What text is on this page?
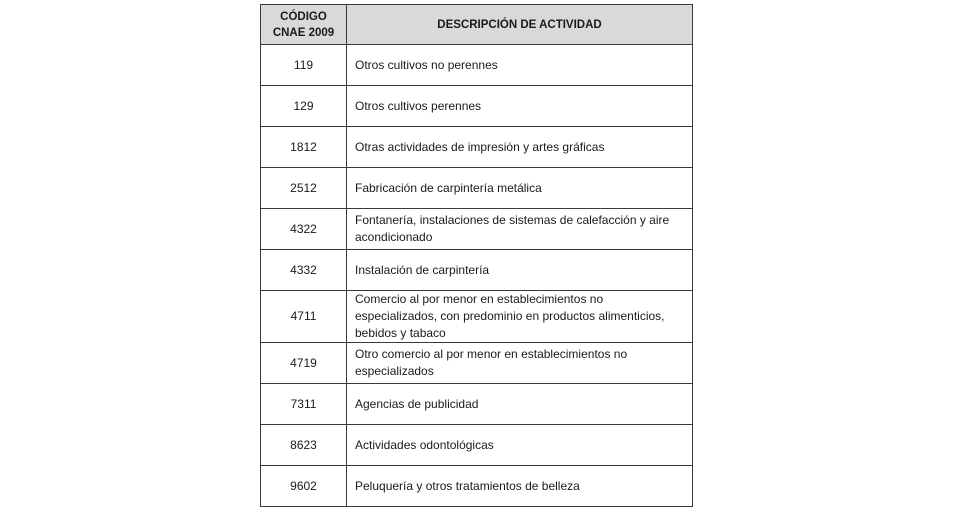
CÓDIGO CNAE 2009	DESCRIPCIÓN DE ACTIVIDAD
119	Otros cultivos no perennes
129	Otros cultivos perennes
1812	Otras actividades de impresión y artes gráficas
2512	Fabricación de carpintería metálica
4322	Fontanería, instalaciones de sistemas de calefacción y aire acondicionado
4332	Instalación de carpintería
4711	Comercio al por menor en establecimientos no especializados, con predominio en productos alimenticios, bebidos y tabaco
4719	Otro comercio al por menor en establecimientos no especializados
7311	Agencias de publicidad
8623	Actividades odontológicas
9602	Peluquería y otros tratamientos de belleza
